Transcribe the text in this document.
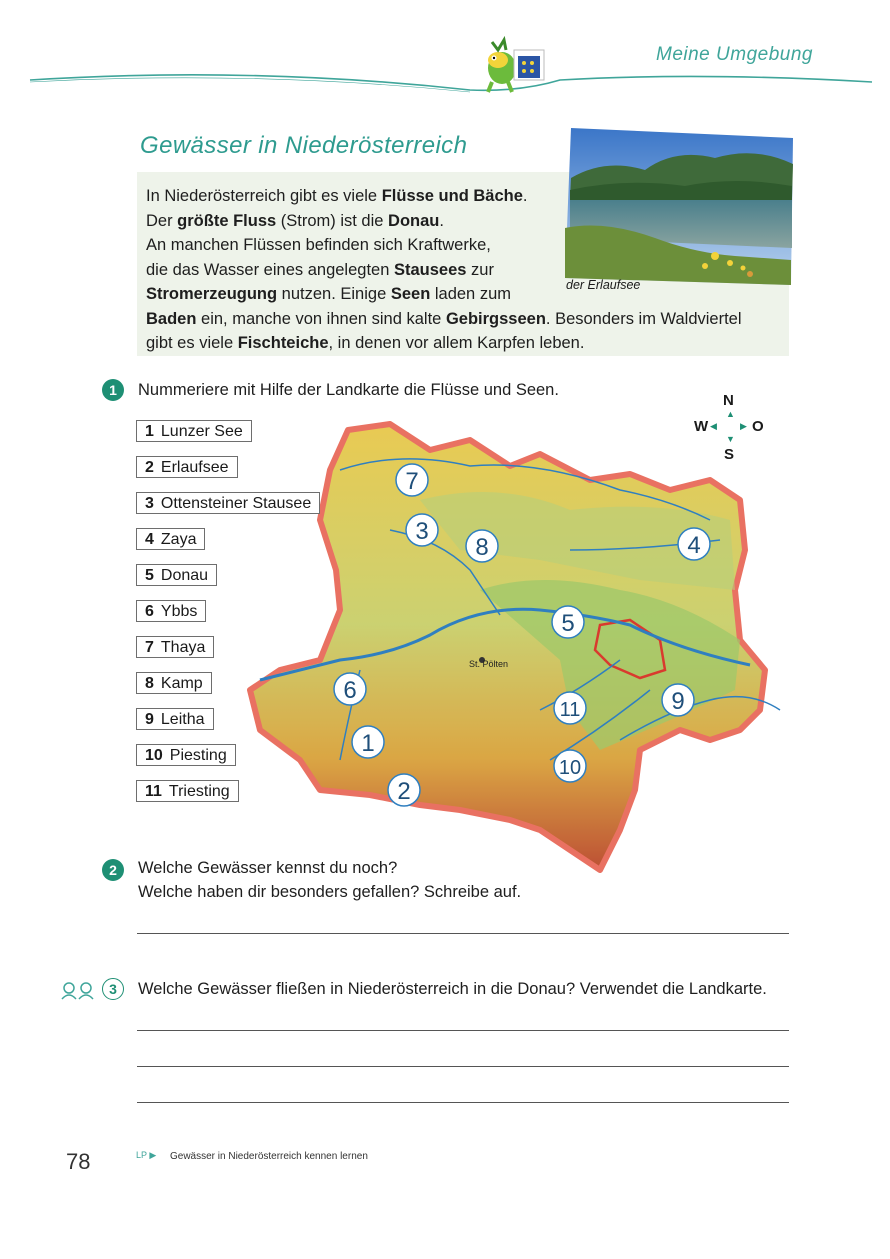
Meine Umgebung
Gewässer in Niederösterreich
der Erlaufsee

In Niederösterreich gibt es viele Flüsse und Bäche.

Der größte Fluss (Strom) ist die Donau.

An manchen Flüssen befinden sich Kraftwerke,

die das Wasser eines angelegten Stausees zur

Stromerzeugung nutzen. Einige Seen laden zum

Baden ein, manche von ihnen sind kalte Gebirgsseen. Besonders im Waldviertel

gibt es viele Fischteiche, in denen vor allem Karpfen leben.

1	Nummeriere mit Hilfe der Landkarte die Flüsse und Seen.
N
▲
W ◀	▶ O
▼
S
St. Pölten
7
3
8	4
5
6
11	9
1
10
2
1 Lunzer See
2 Erlaufsee
3 Ottensteiner Stausee
4 Zaya
5 Donau
6 Ybbs
7 Thaya
8 Kamp
9 Leitha
10 Piesting
11 Triesting
2	Welche Gewässer kennst du noch?
Welche haben dir besonders gefallen? Schreibe auf.
3	Welche Gewässer fließen in Niederösterreich in die Donau? Verwendet die Landkarte.
78	LP ▶ Gewässer in Niederösterreich kennen lernen
